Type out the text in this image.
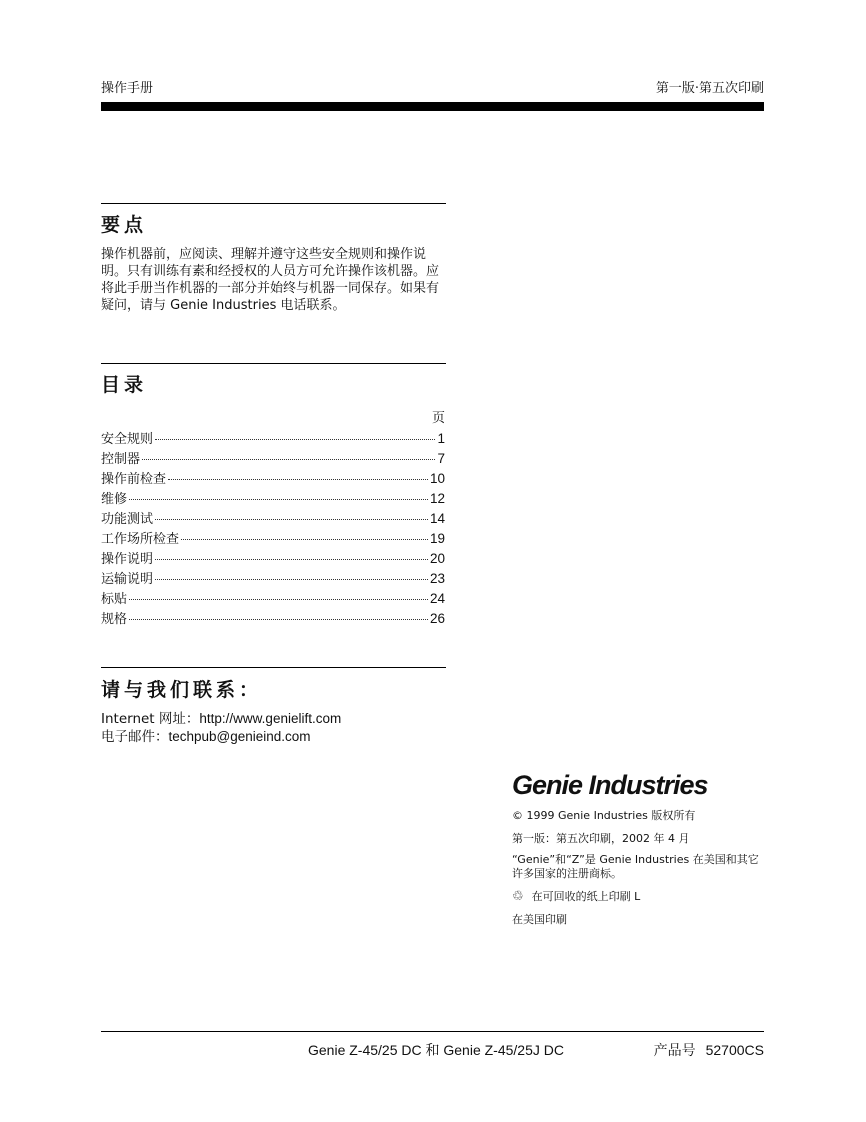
操作手册	第一版·第五次印刷
要点
操作机器前，应阅读、理解并遵守这些安全规则和操作说明。只有训练有素和经授权的人员方可允许操作该机器。应将此手册当作机器的一部分并始终与机器一同保存。如果有疑问，请与 Genie Industries 电话联系。
目录
页
安全规则	1
控制器	7
操作前检查	10
维修	12
功能测试	14
工作场所检查	19
操作说明	20
运输说明	23
标贴	24
规格	26
请与我们联系：
Internet 网址：http://www.genielift.com
电子邮件：techpub@genieind.com
Genie Industries
© 1999 Genie Industries 版权所有
第一版：第五次印刷，2002 年 4 月
“Genie”和“Z”是 Genie Industries 在美国和其它许多国家的注册商标。
♲ 在可回收的纸上印刷 L
在美国印刷
Genie Z-45/25 DC 和 Genie Z-45/25J DC	产品号 52700CS
